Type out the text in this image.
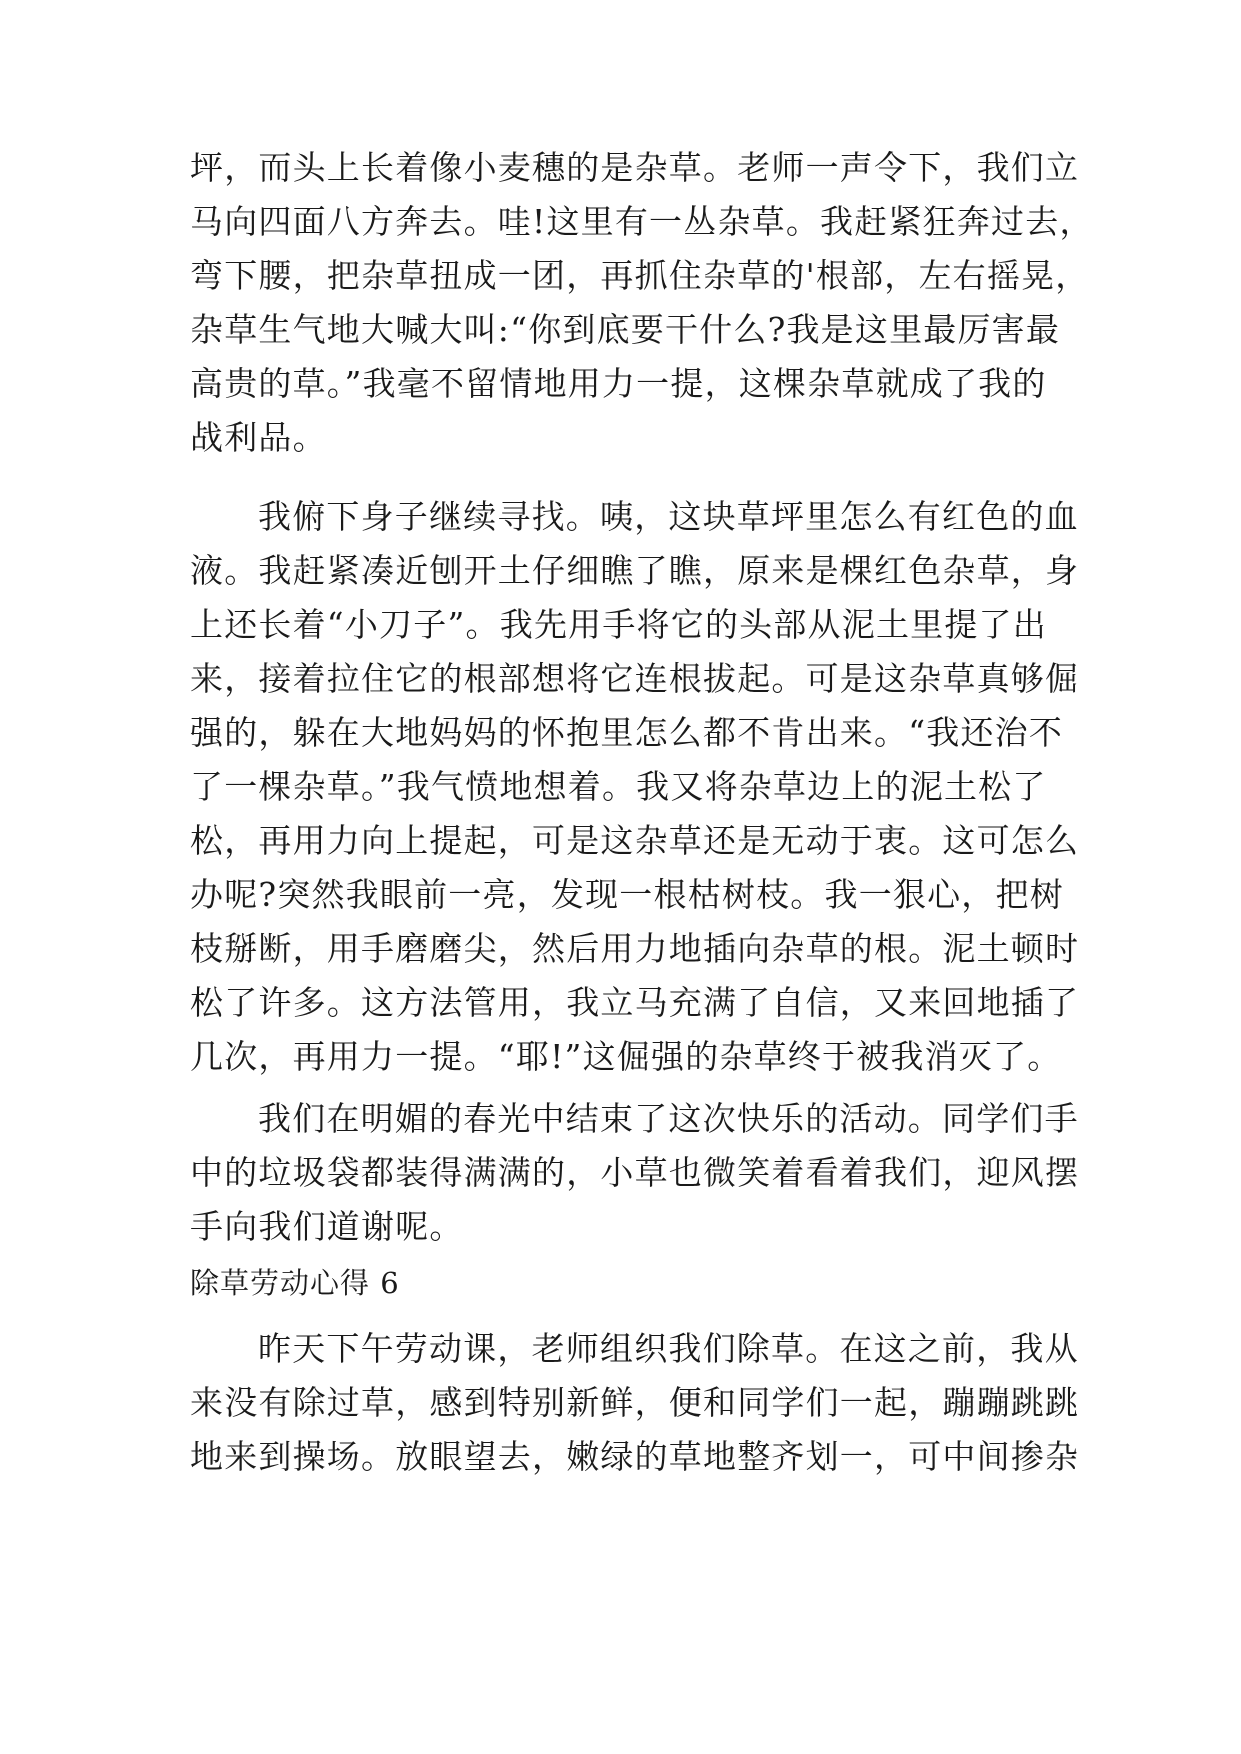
坪，而头上长着像小麦穗的是杂草。老师一声令下，我们立
马向四面八方奔去。哇!这里有一丛杂草。我赶紧狂奔过去，
弯下腰，把杂草扭成一团，再抓住杂草的'根部，左右摇晃，
杂草生气地大喊大叫:“你到底要干什么?我是这里最厉害最
高贵的草。”我毫不留情地用力一提，这棵杂草就成了我的
战利品。
我俯下身子继续寻找。咦，这块草坪里怎么有红色的血
液。我赶紧凑近刨开土仔细瞧了瞧，原来是棵红色杂草，身
上还长着“小刀子”。我先用手将它的头部从泥土里提了出
来，接着拉住它的根部想将它连根拔起。可是这杂草真够倔
强的，躲在大地妈妈的怀抱里怎么都不肯出来。“我还治不
了一棵杂草。”我气愤地想着。我又将杂草边上的泥土松了
松，再用力向上提起，可是这杂草还是无动于衷。这可怎么
办呢?突然我眼前一亮，发现一根枯树枝。我一狠心，把树
枝掰断，用手磨磨尖，然后用力地插向杂草的根。泥土顿时
松了许多。这方法管用，我立马充满了自信，又来回地插了
几次，再用力一提。“耶!”这倔强的杂草终于被我消灭了。
我们在明媚的春光中结束了这次快乐的活动。同学们手
中的垃圾袋都装得满满的，小草也微笑着看着我们，迎风摆
手向我们道谢呢。
除草劳动心得 6
昨天下午劳动课，老师组织我们除草。在这之前，我从
来没有除过草，感到特别新鲜，便和同学们一起，蹦蹦跳跳
地来到操场。放眼望去，嫩绿的草地整齐划一，可中间掺杂
